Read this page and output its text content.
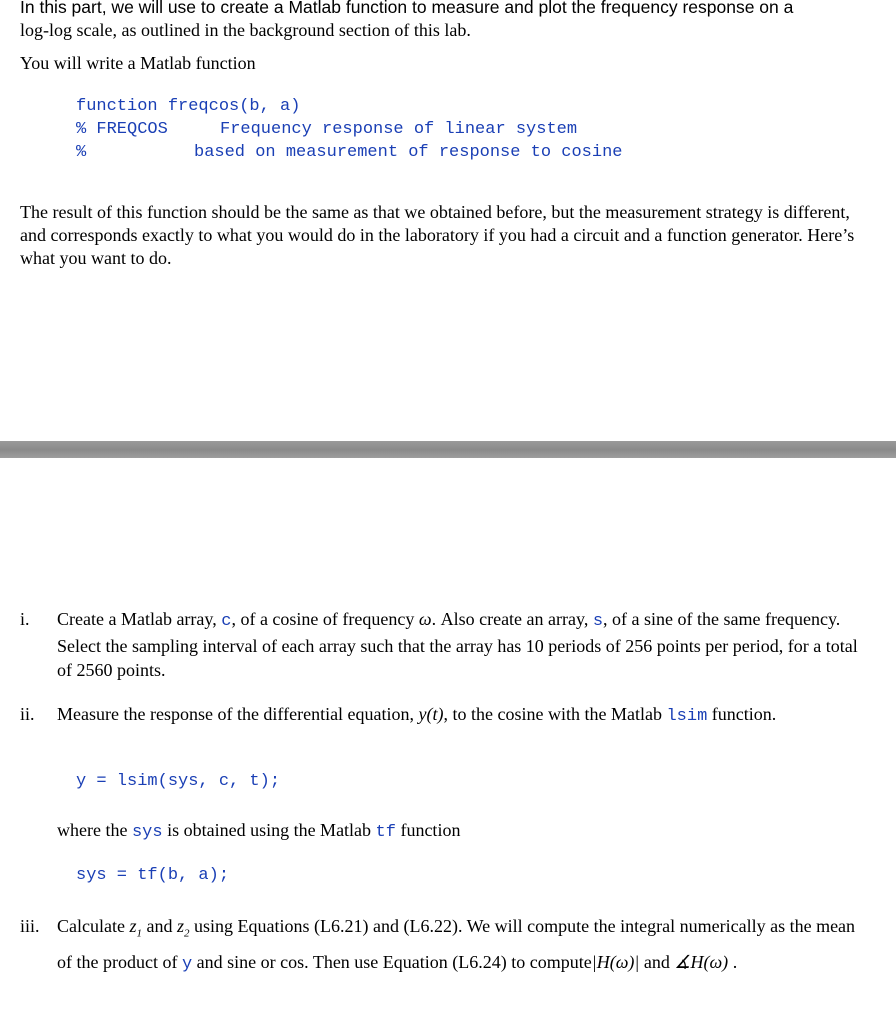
In this part, we will use to create a Matlab function to measure and plot the frequency response on a
log-log scale, as outlined in the background section of this lab.
You will write a Matlab function
function freqcos(b, a)
% FREQCOS	Frequency response of linear system
%	based on measurement of response to cosine
The result of this function should be the same as that we obtained before, but the measurement strategy is different, and corresponds exactly to what you would do in the laboratory if you had a circuit and a function generator. Here’s what you want to do.
i.	Create a Matlab array, c, of a cosine of frequency ω. Also create an array, s, of a sine of the same frequency. Select the sampling interval of each array such that the array has 10 periods of 256 points per period, for a total of 2560 points.
ii.	Measure the response of the differential equation, y(t), to the cosine with the Matlab lsim function.
y = lsim(sys, c, t);
where the sys is obtained using the Matlab tf function
sys = tf(b, a);
iii. Calculate $z_1$ and $z_2$ using Equations (L6.21) and (L6.22). We will compute the integral numerically as the mean of the product of y and sine or cos. Then use Equation (L6.24) to compute|H(ω)| and ∡H(ω) .
